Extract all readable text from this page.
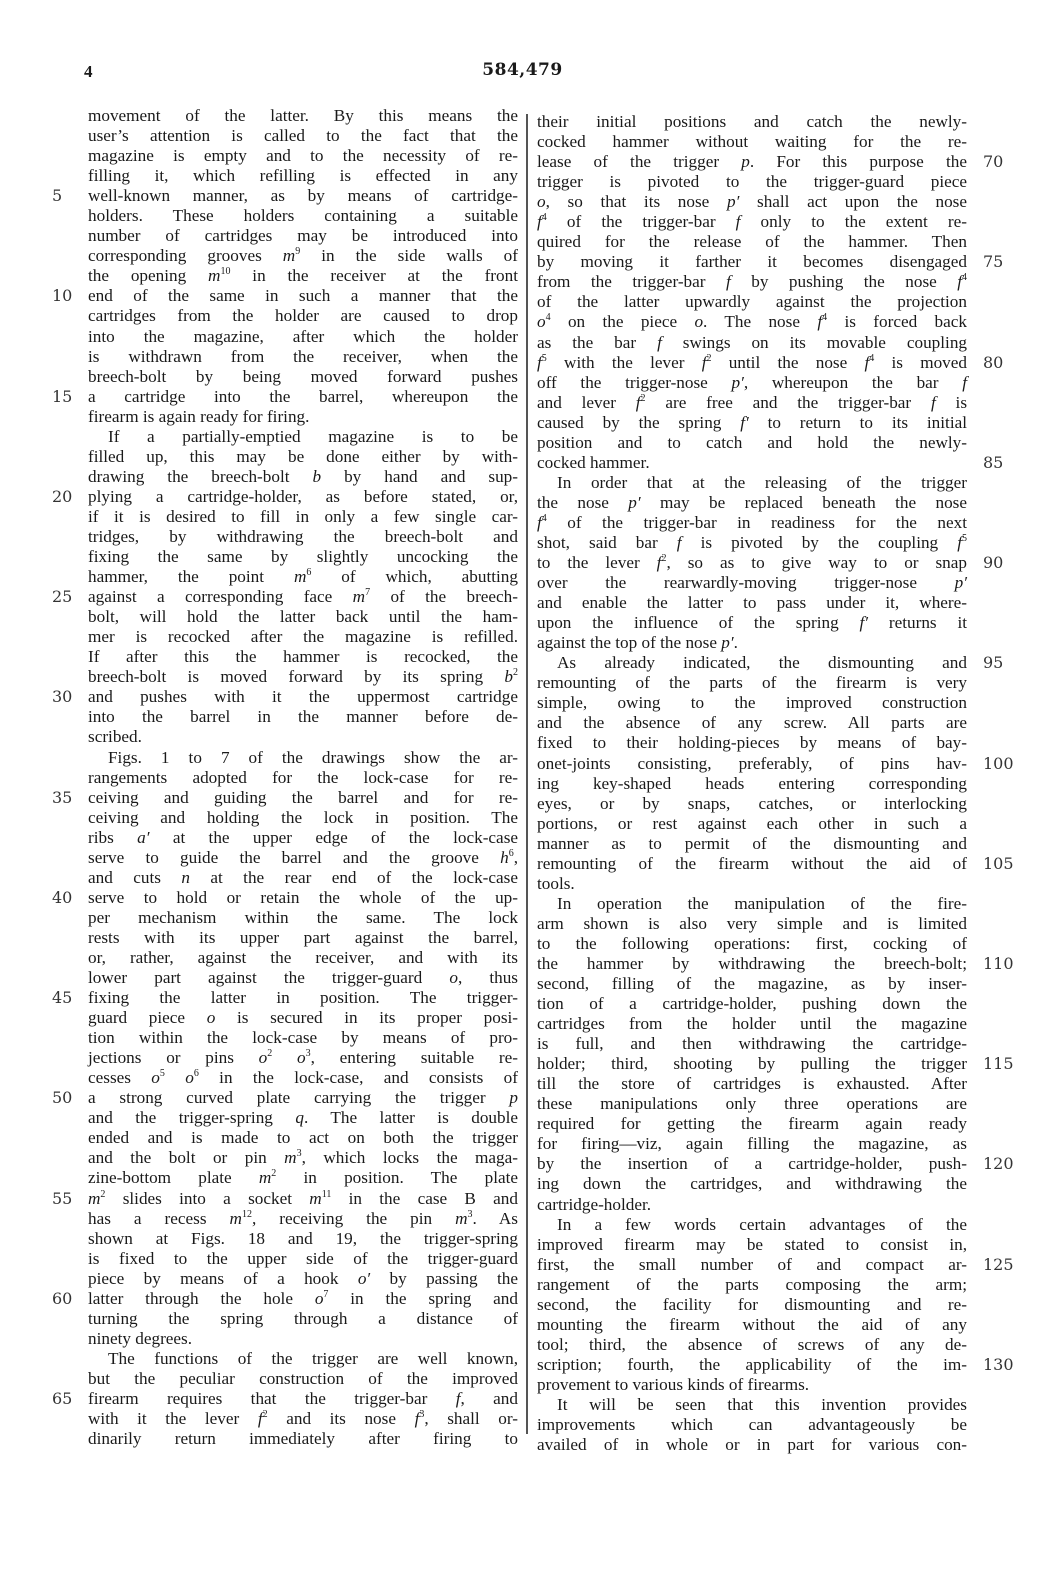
4	584,479
movement of the latter. By this means the
user’s attention is called to the fact that the
magazine is empty and to the necessity of re-
filling it, which refilling is effected in any
well-known manner, as by means of cartridge-
5
holders. These holders containing a suitable
number of cartridges may be introduced into
corresponding grooves $m^9$ in the side walls of
the opening $m^{10}$ in the receiver at the front
end of the same in such a manner that the
10
cartridges from the holder are caused to drop
into the magazine, after which the holder
is withdrawn from the receiver, when the
breech-bolt by being moved forward pushes
a cartridge into the barrel, whereupon the
15
firearm is again ready for firing.
If a partially-emptied magazine is to be
filled up, this may be done either by with-
drawing the breech-bolt b by hand and sup-
plying a cartridge-holder, as before stated, or,
20
if it is desired to fill in only a few single car-
tridges, by withdrawing the breech-bolt and
fixing the same by slightly uncocking the
hammer, the point $m^6$ of which, abutting
against a corresponding face $m^7$ of the breech-
25
bolt, will hold the latter back until the ham-
mer is recocked after the magazine is refilled.
If after this the hammer is recocked, the
breech-bolt is moved forward by its spring $b^2$
and pushes with it the uppermost cartridge
30
into the barrel in the manner before de-
scribed.
Figs. 1 to 7 of the drawings show the ar-
rangements adopted for the lock-case for re-
ceiving and guiding the barrel and for re-
35
ceiving and holding the lock in position. The
ribs a′ at the upper edge of the lock-case
serve to guide the barrel and the groove $h^6$,
and cuts n at the rear end of the lock-case
serve to hold or retain the whole of the up-
40
per mechanism within the same. The lock
rests with its upper part against the barrel,
or, rather, against the receiver, and with its
lower part against the trigger-guard o, thus
fixing the latter in position. The trigger-
45
guard piece o is secured in its proper posi-
tion within the lock-case by means of pro-
jections or pins $o^2$ $o^3$, entering suitable re-
cesses $o^5$ $o^6$ in the lock-case, and consists of
a strong curved plate carrying the trigger p
50
and the trigger-spring q. The latter is double
ended and is made to act on both the trigger
and the bolt or pin $m^3$, which locks the maga-
zine-bottom plate $m^2$ in position. The plate
$m^2$ slides into a socket $m^{11}$ in the case B and
55
has a recess $m^{12}$, receiving the pin $m^3$. As
shown at Figs. 18 and 19, the trigger-spring
is fixed to the upper side of the trigger-guard
piece by means of a hook o′ by passing the
latter through the hole $o^7$ in the spring and
60
turning the spring through a distance of
ninety degrees.
The functions of the trigger are well known,
but the peculiar construction of the improved
firearm requires that the trigger-bar f, and
65
with it the lever $f^2$ and its nose $f^3$, shall or-
dinarily return immediately after firing to
their initial positions and catch the newly-
cocked hammer without waiting for the re-
lease of the trigger p. For this purpose the 70
trigger is pivoted to the trigger-guard piece
o, so that its nose p′ shall act upon the nose
$f^4$ of the trigger-bar f only to the extent re-
quired for the release of the hammer. Then
by moving it farther it becomes disengaged 75
from the trigger-bar f by pushing the nose $f^4$
of the latter upwardly against the projection
$o^4$ on the piece o. The nose $f^4$ is forced back
as the bar f swings on its movable coupling
$f^5$ with the lever $f^2$ until the nose $f^4$ is moved 80
off the trigger-nose p′, whereupon the bar f
and lever $f^2$ are free and the trigger-bar f is
caused by the spring f′ to return to its initial
position and to catch and hold the newly-
cocked hammer.	85
In order that at the releasing of the trigger
the nose p′ may be replaced beneath the nose
$f^4$ of the trigger-bar in readiness for the next
shot, said bar f is pivoted by the coupling $f^5$
to the lever $f^2$, so as to give way to or snap 90
over the rearwardly-moving trigger-nose p′
and enable the latter to pass under it, where-
upon the influence of the spring f′ returns it
against the top of the nose p′.
As already indicated, the dismounting and 95
remounting of the parts of the firearm is very
simple, owing to the improved construction
and the absence of any screw. All parts are
fixed to their holding-pieces by means of bay-
onet-joints consisting, preferably, of pins hav- 100
ing key-shaped heads entering corresponding
eyes, or by snaps, catches, or interlocking
portions, or rest against each other in such a
manner as to permit of the dismounting and
remounting of the firearm without the aid of 105
tools.
In operation the manipulation of the fire-
arm shown is also very simple and is limited
to the following operations: first, cocking of
the hammer by withdrawing the breech-bolt; 110
second, filling of the magazine, as by inser-
tion of a cartridge-holder, pushing down the
cartridges from the holder until the magazine
is full, and then withdrawing the cartridge-
holder; third, shooting by pulling the trigger 115
till the store of cartridges is exhausted. After
these manipulations only three operations are
required for getting the firearm again ready
for firing—viz, again filling the magazine, as
by the insertion of a cartridge-holder, push- 120
ing down the cartridges, and withdrawing the
cartridge-holder.
In a few words certain advantages of the
improved firearm may be stated to consist in,
first, the small number of and compact ar- 125
rangement of the parts composing the arm;
second, the facility for dismounting and re-
mounting the firearm without the aid of any
tool; third, the absence of screws of any de-
scription; fourth, the applicability of the im- 130
provement to various kinds of firearms.
It will be seen that this invention provides
improvements which can advantageously be
availed of in whole or in part for various con-
